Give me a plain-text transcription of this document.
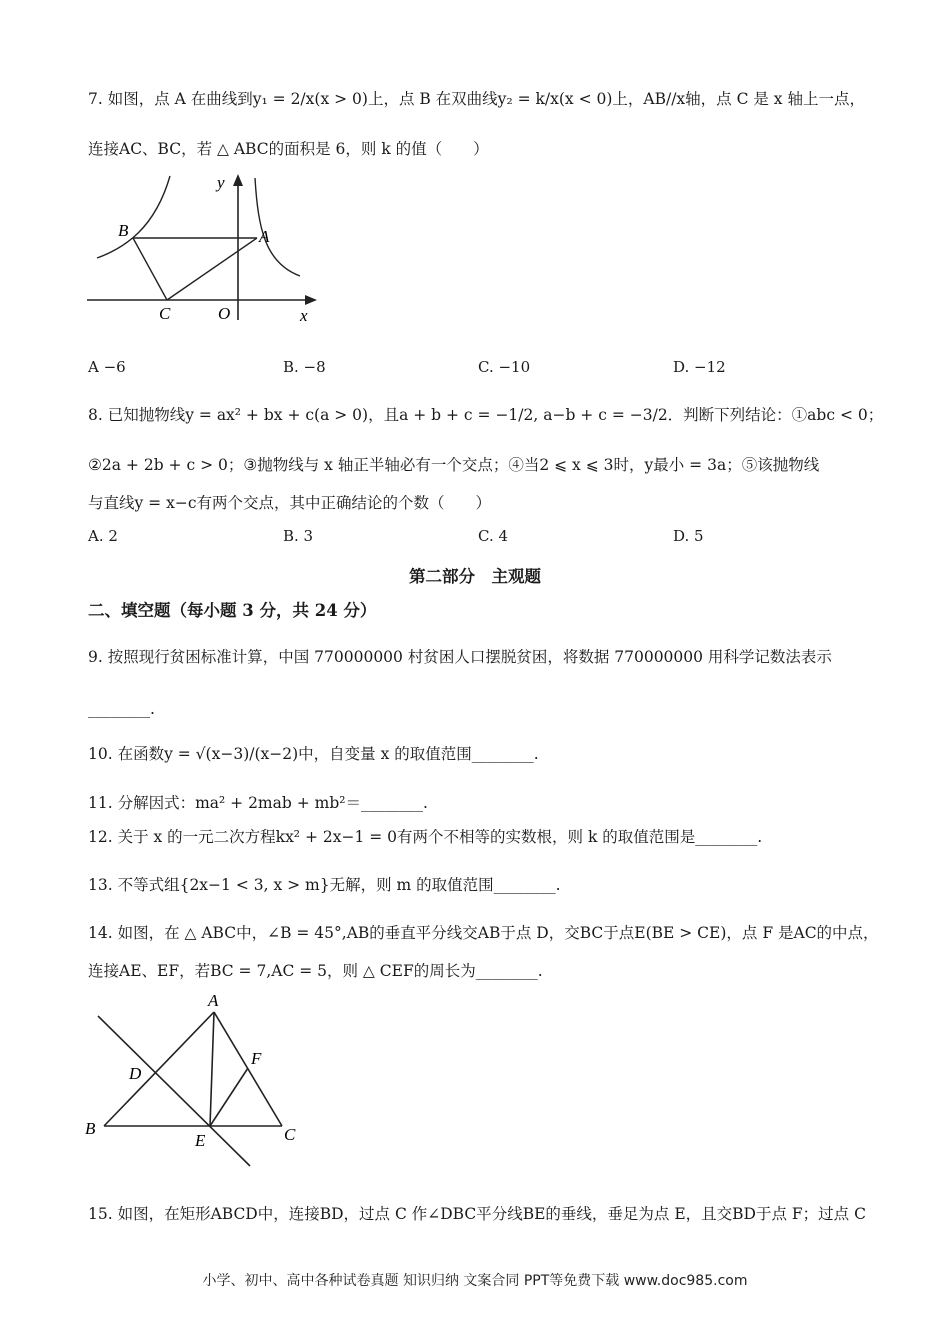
7. 如图，点 A 在曲线到y₁ = 2/x(x > 0)上，点 B 在双曲线y₂ = k/x(x < 0)上，AB//x轴，点 C 是 x 轴上一点，
连接AC、BC，若 △ ABC的面积是 6，则 k 的值（　　）
y
x
O
A
B
C
A −6	B. −8	C. −10	D. −12
8. 已知抛物线y = ax² + bx + c(a > 0)，且a + b + c = −1/2, a−b + c = −3/2．判断下列结论：①abc < 0；
②2a + 2b + c > 0；③抛物线与 x 轴正半轴必有一个交点；④当2 ⩽ x ⩽ 3时，y最小 = 3a；⑤该抛物线
与直线y = x−c有两个交点，其中正确结论的个数（　　）
A. 2	B. 3	C. 4	D. 5
第二部分　主观题
二、填空题（每小题 3 分，共 24 分）
9. 按照现行贫困标准计算，中国 770000000 村贫困人口摆脱贫困，将数据 770000000 用科学记数法表示
________.
10. 在函数y = √(x−3)/(x−2)中，自变量 x 的取值范围________.
11. 分解因式：ma² + 2mab + mb²＝________.
12. 关于 x 的一元二次方程kx² + 2x−1 = 0有两个不相等的实数根，则 k 的取值范围是________.
13. 不等式组{2x−1 < 3, x > m}无解，则 m 的取值范围________.
14. 如图，在 △ ABC中，∠B = 45°,AB的垂直平分线交AB于点 D，交BC于点E(BE > CE)，点 F 是AC的中点，
连接AE、EF，若BC = 7,AC = 5，则 △ CEF的周长为________.
A
B	C
D
E
F
15. 如图，在矩形ABCD中，连接BD，过点 C 作∠DBC平分线BE的垂线，垂足为点 E，且交BD于点 F；过点 C
小学、初中、高中各种试卷真题 知识归纳 文案合同 PPT等免费下载 www.doc985.com
